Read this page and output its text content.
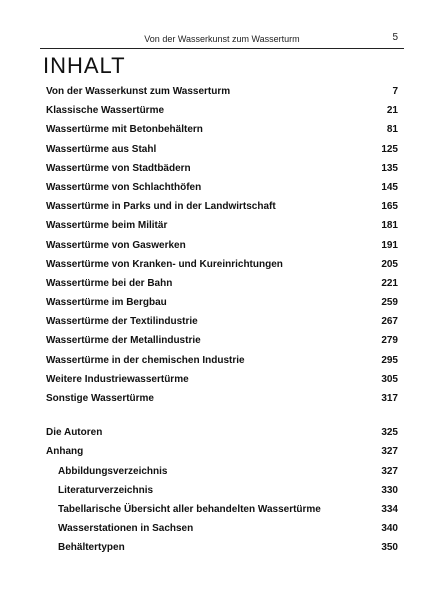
Von der Wasserkunst zum Wasserturm	5
INHALT
Von der Wasserkunst zum Wasserturm	7
Klassische Wassertürme	21
Wassertürme mit Betonbehältern	81
Wassertürme aus Stahl	125
Wassertürme von Stadtbädern	135
Wassertürme von Schlachthöfen	145
Wassertürme in Parks und in der Landwirtschaft	165
Wassertürme beim Militär	181
Wassertürme von Gaswerken	191
Wassertürme von Kranken- und Kureinrichtungen	205
Wassertürme bei der Bahn	221
Wassertürme im Bergbau	259
Wassertürme der Textilindustrie	267
Wassertürme der Metallindustrie	279
Wassertürme in der chemischen Industrie	295
Weitere Industriewassertürme	305
Sonstige Wassertürme	317
Die Autoren	325
Anhang	327
Abbildungsverzeichnis	327
Literaturverzeichnis	330
Tabellarische Übersicht aller behandelten Wassertürme	334
Wasserstationen in Sachsen	340
Behältertypen	350
